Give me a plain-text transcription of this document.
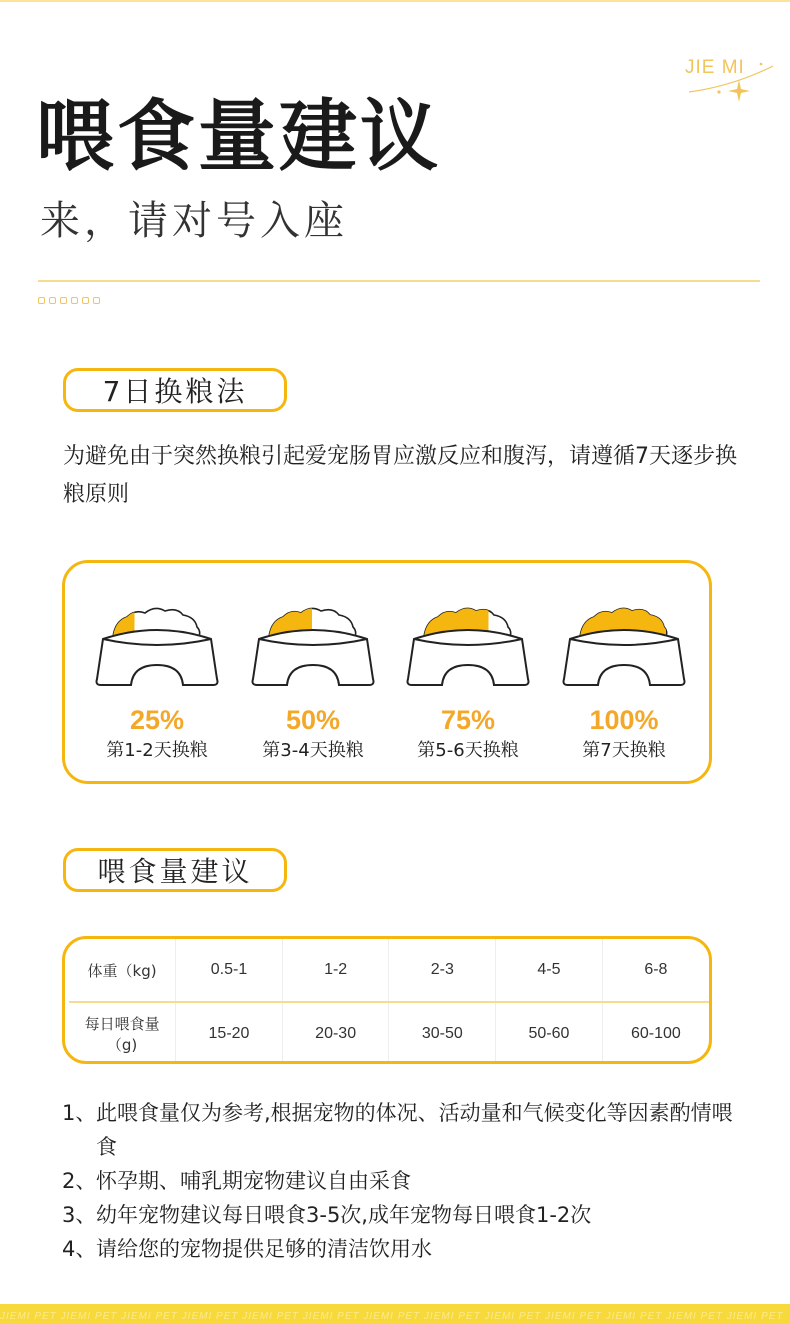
JIE MI
喂食量建议

来，请对号入座

7日换粮法

为避免由于突然换粮引起爱宠肠胃应激反应和腹泻，请遵循7天逐步换粮原则

25%
第1-2天换粮
50%
第3-4天换粮
75%
第5-6天换粮
100%
第7天换粮
喂食量建议
体重（kg)	0.5-1	1-2	2-3	4-5	6-8
每日喂食量（g)	15-20	20-30	30-50	50-60	60-100
1、 此喂食量仅为参考,根据宠物的体况、活动量和气候变化等因素酌情喂食
2、 怀孕期、哺乳期宠物建议自由采食
3、 幼年宠物建议每日喂食3-5次,成年宠物每日喂食1-2次
4、 请给您的宠物提供足够的清洁饮用水
JIEMI PET JIEMI PET JIEMI PET JIEMI PET JIEMI PET JIEMI PET JIEMI PET JIEMI PET JIEMI PET JIEMI PET JIEMI PET JIEMI PET JIEMI PET
